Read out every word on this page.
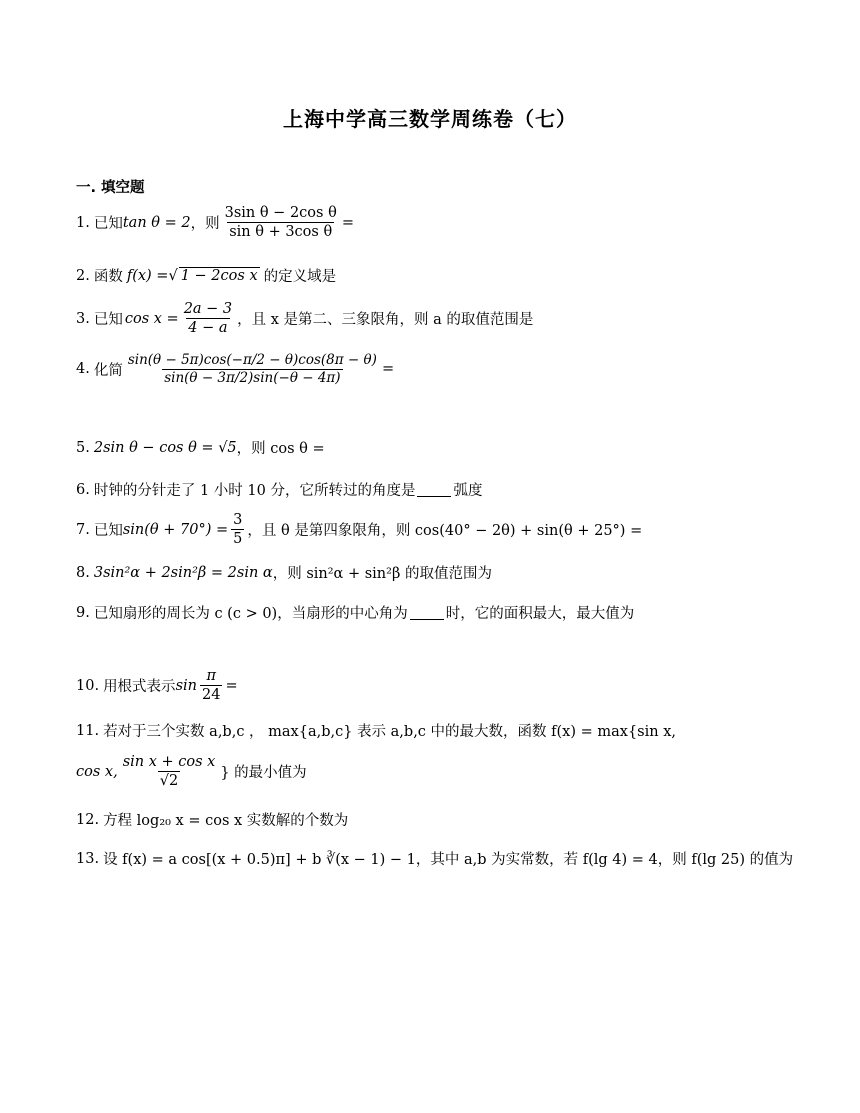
上海中学高三数学周练卷（七）
一. 填空题
1. 已知 tan θ = 2 ，则 $\frac{\text{3sin θ − 2cos θ}}{\text{sin θ + 3cos θ}}$ =
2. 函数 f(x) = √ 1 − 2cos x 的定义域是
3. 已知 $\cos x = \frac{2a - 3}{4 - a}$ ，且 x 是第二、三象限角，则 a 的取值范围是
4. 化简 $\frac{\sin(\theta - 5\pi)\cos(-\pi/2 - \theta)\cos(8\pi - \theta)}{\sin(\theta - 3\pi/2)\sin(-\theta - 4\pi)}$ =
5. 2sin θ − cos θ = √5 ，则 cos θ =
6. 时钟的分针走了 1 小时 10 分，它所转过的角度是	弧度
7. 已知 $\sin(\theta + 70^\circ) = \frac{3}{5}$ ，且 θ 是第四象限角，则 cos(40° − 2θ) + sin(θ + 25°) =
8. 3sin²α + 2sin²β = 2sin α ，则 sin²α + sin²β 的取值范围为
9. 已知扇形的周长为 c (c > 0)，当扇形的中心角为	时，它的面积最大，最大值为
10. 用根式表示 $\sin \frac{\pi}{24}$ =
11. 若对于三个实数 a,b,c ， max{a,b,c} 表示 a,b,c 中的最大数，函数 f(x) = max{sin x,
cos x, $\frac{\text{sin x + cos x}}{√2}$ } 的最小值为
12. 方程 log₂₀ x = cos x 实数解的个数为
13. 设 f(x) = a cos[(x + 0.5)π] + b ∛(x − 1) − 1，其中 a,b 为实常数，若 f(lg 4) = 4，则 f(lg 25) 的值为
